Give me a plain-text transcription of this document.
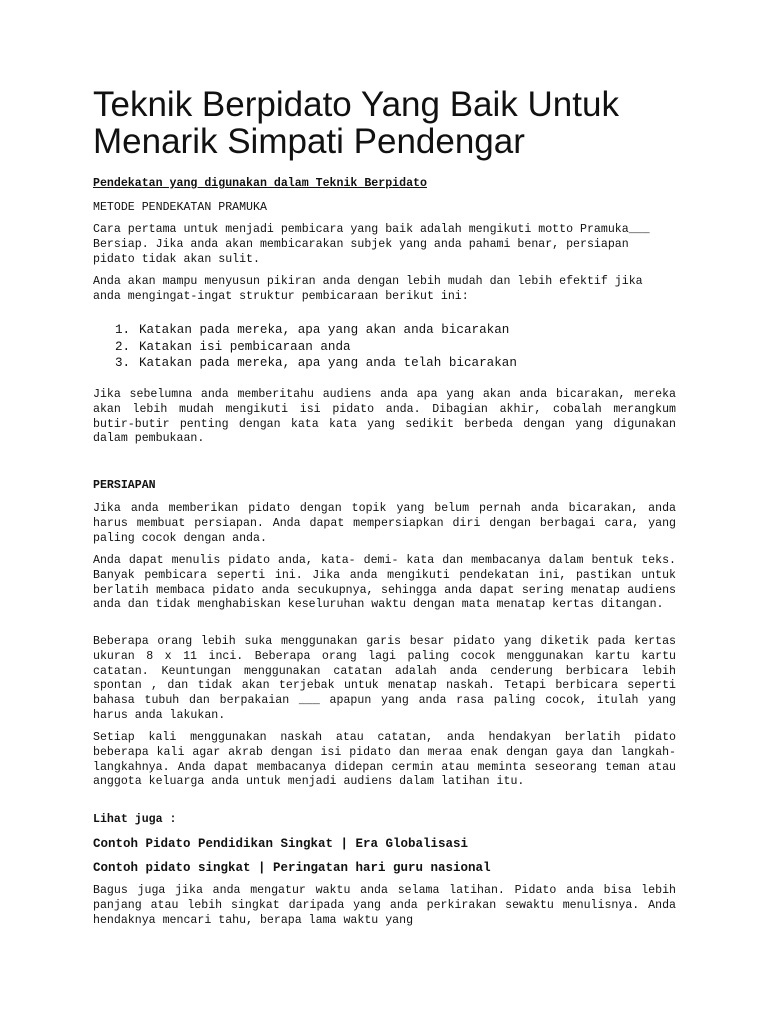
Teknik Berpidato Yang Baik Untuk Menarik Simpati Pendengar
Pendekatan yang digunakan dalam Teknik Berpidato
METODE PENDEKATAN PRAMUKA
Cara pertama untuk menjadi pembicara yang baik adalah mengikuti motto Pramuka___ Bersiap. Jika anda akan membicarakan subjek yang anda pahami benar, persiapan pidato tidak akan sulit.
Anda akan mampu menyusun pikiran anda dengan lebih mudah dan lebih efektif jika anda mengingat-ingat struktur pembicaraan berikut ini:
1. Katakan pada mereka, apa yang akan anda bicarakan
2. Katakan isi pembicaraan anda
3. Katakan pada mereka, apa yang anda telah bicarakan
Jika sebelumna anda memberitahu audiens anda apa yang akan anda bicarakan, mereka akan lebih mudah mengikuti isi pidato anda. Dibagian akhir, cobalah merangkum butir-butir penting dengan kata kata yang sedikit berbeda dengan yang digunakan dalam pembukaan.
PERSIAPAN
Jika anda memberikan pidato dengan topik yang belum pernah anda bicarakan, anda harus membuat persiapan. Anda dapat mempersiapkan diri dengan berbagai cara, yang paling cocok dengan anda.
Anda dapat menulis pidato anda, kata- demi- kata dan membacanya dalam bentuk teks. Banyak pembicara seperti ini. Jika anda mengikuti pendekatan ini, pastikan untuk berlatih membaca pidato anda secukupnya, sehingga anda dapat sering menatap audiens anda dan tidak menghabiskan keseluruhan waktu dengan mata menatap kertas ditangan.
Beberapa orang lebih suka menggunakan garis besar pidato yang diketik pada kertas ukuran 8 x 11 inci. Beberapa orang lagi paling cocok menggunakan kartu kartu catatan. Keuntungan menggunakan catatan adalah anda cenderung berbicara lebih spontan , dan tidak akan terjebak untuk menatap naskah. Tetapi berbicara seperti bahasa tubuh dan berpakaian ___ apapun yang anda rasa paling cocok, itulah yang harus anda lakukan.
Setiap kali menggunakan naskah atau catatan, anda hendakyan berlatih pidato beberapa kali agar akrab dengan isi pidato dan meraa enak dengan gaya dan langkah-langkahnya. Anda dapat membacanya didepan cermin atau meminta seseorang teman atau anggota keluarga anda untuk menjadi audiens dalam latihan itu.
Lihat juga :
Contoh Pidato Pendidikan Singkat | Era Globalisasi
Contoh pidato singkat | Peringatan hari guru nasional
Bagus juga jika anda mengatur waktu anda selama latihan. Pidato anda bisa lebih panjang atau lebih singkat daripada yang anda perkirakan sewaktu menulisnya. Anda hendaknya mencari tahu, berapa lama waktu yang
